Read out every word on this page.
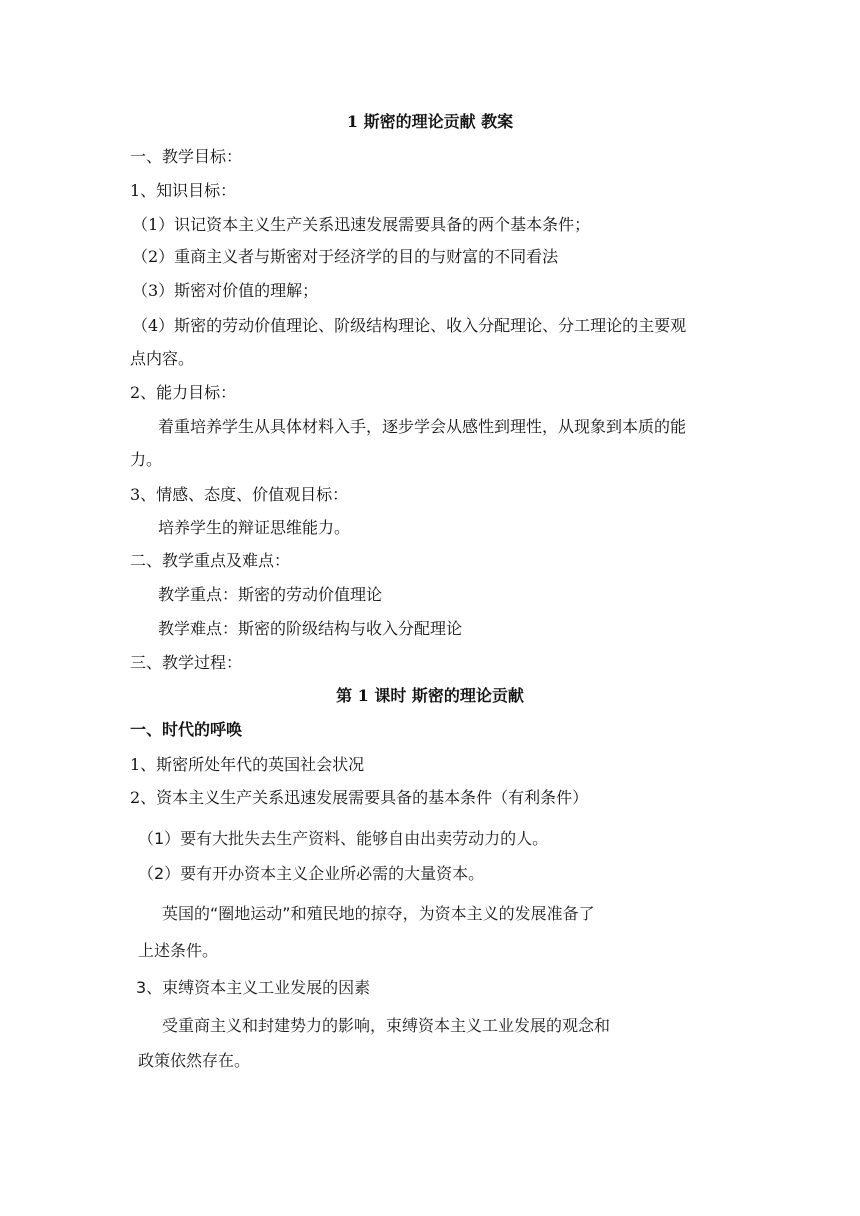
1 斯密的理论贡献 教案
一、教学目标：
1、知识目标：
（1）识记资本主义生产关系迅速发展需要具备的两个基本条件；
（2）重商主义者与斯密对于经济学的目的与财富的不同看法
（3）斯密对价值的理解；
（4）斯密的劳动价值理论、阶级结构理论、收入分配理论、分工理论的主要观
点内容。
2、能力目标：
着重培养学生从具体材料入手，逐步学会从感性到理性，从现象到本质的能
力。
3、情感、态度、价值观目标：
培养学生的辩证思维能力。
二、教学重点及难点：
教学重点：斯密的劳动价值理论
教学难点：斯密的阶级结构与收入分配理论
三、教学过程：
第 1 课时 斯密的理论贡献
一、时代的呼唤
1、斯密所处年代的英国社会状况
2、资本主义生产关系迅速发展需要具备的基本条件（有利条件）
（1）要有大批失去生产资料、能够自由出卖劳动力的人。
（2）要有开办资本主义企业所必需的大量资本。
英国的“圈地运动”和殖民地的掠夺，为资本主义的发展准备了
上述条件。
3、束缚资本主义工业发展的因素
受重商主义和封建势力的影响，束缚资本主义工业发展的观念和
政策依然存在。
